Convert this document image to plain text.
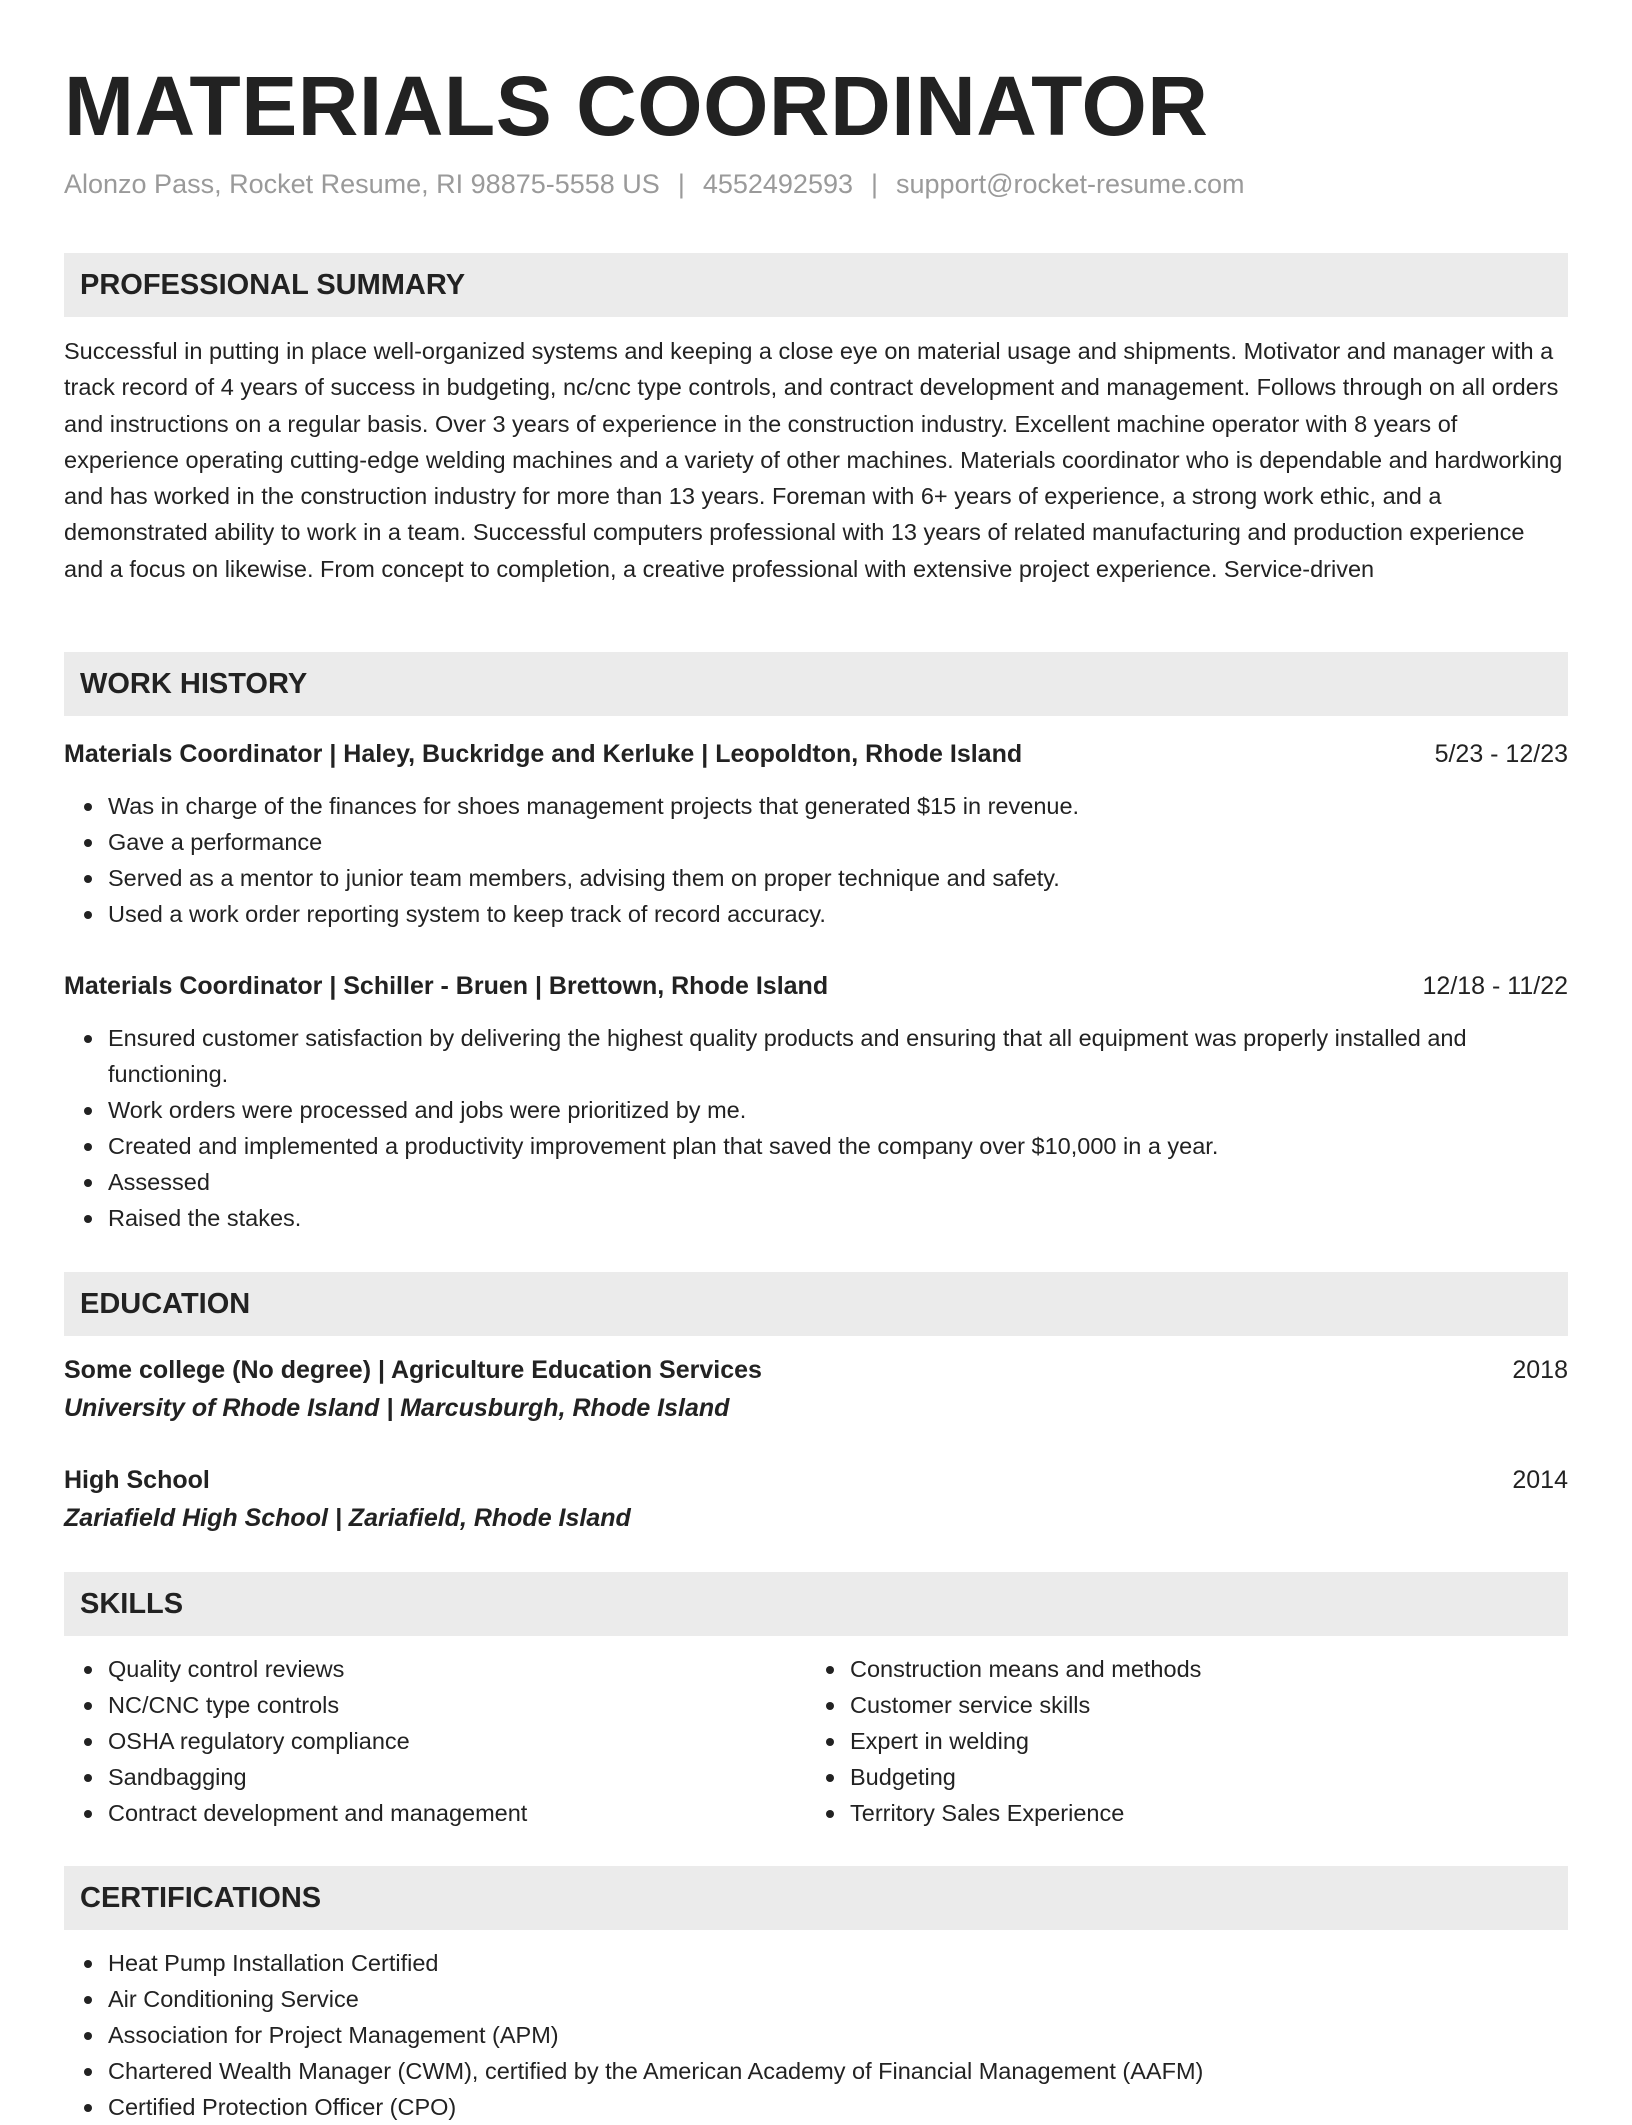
MATERIALS COORDINATOR
Alonzo Pass, Rocket Resume, RI 98875-5558 US | 4552492593 | support@rocket-resume.com
PROFESSIONAL SUMMARY

Successful in putting in place well-organized systems and keeping a close eye on material usage and shipments. Motivator and manager with a track record of 4 years of success in budgeting, nc/cnc type controls, and contract development and management. Follows through on all orders and instructions on a regular basis. Over 3 years of experience in the construction industry. Excellent machine operator with 8 years of experience operating cutting-edge welding machines and a variety of other machines. Materials coordinator who is dependable and hardworking and has worked in the construction industry for more than 13 years. Foreman with 6+ years of experience, a strong work ethic, and a demonstrated ability to work in a team. Successful computers professional with 13 years of related manufacturing and production experience and a focus on likewise. From concept to completion, a creative professional with extensive project experience. Service-driven

WORK HISTORY
Materials Coordinator | Haley, Buckridge and Kerluke | Leopoldton, Rhode Island	5/23 - 12/23
Was in charge of the finances for shoes management projects that generated $15 in revenue.
Gave a performance
Served as a mentor to junior team members, advising them on proper technique and safety.
Used a work order reporting system to keep track of record accuracy.
Materials Coordinator | Schiller - Bruen | Brettown, Rhode Island	12/18 - 11/22
Ensured customer satisfaction by delivering the highest quality products and ensuring that all equipment was properly installed and functioning.
Work orders were processed and jobs were prioritized by me.
Created and implemented a productivity improvement plan that saved the company over $10,000 in a year.
Assessed
Raised the stakes.
EDUCATION
Some college (No degree) | Agriculture Education Services	2018
University of Rhode Island | Marcusburgh, Rhode Island
High School	2014
Zariafield High School | Zariafield, Rhode Island
SKILLS
Quality control reviews
NC/CNC type controls
OSHA regulatory compliance
Sandbagging
Contract development and management
Construction means and methods
Customer service skills
Expert in welding
Budgeting
Territory Sales Experience
CERTIFICATIONS
Heat Pump Installation Certified
Air Conditioning Service
Association for Project Management (APM)
Chartered Wealth Manager (CWM), certified by the American Academy of Financial Management (AAFM)
Certified Protection Officer (CPO)
